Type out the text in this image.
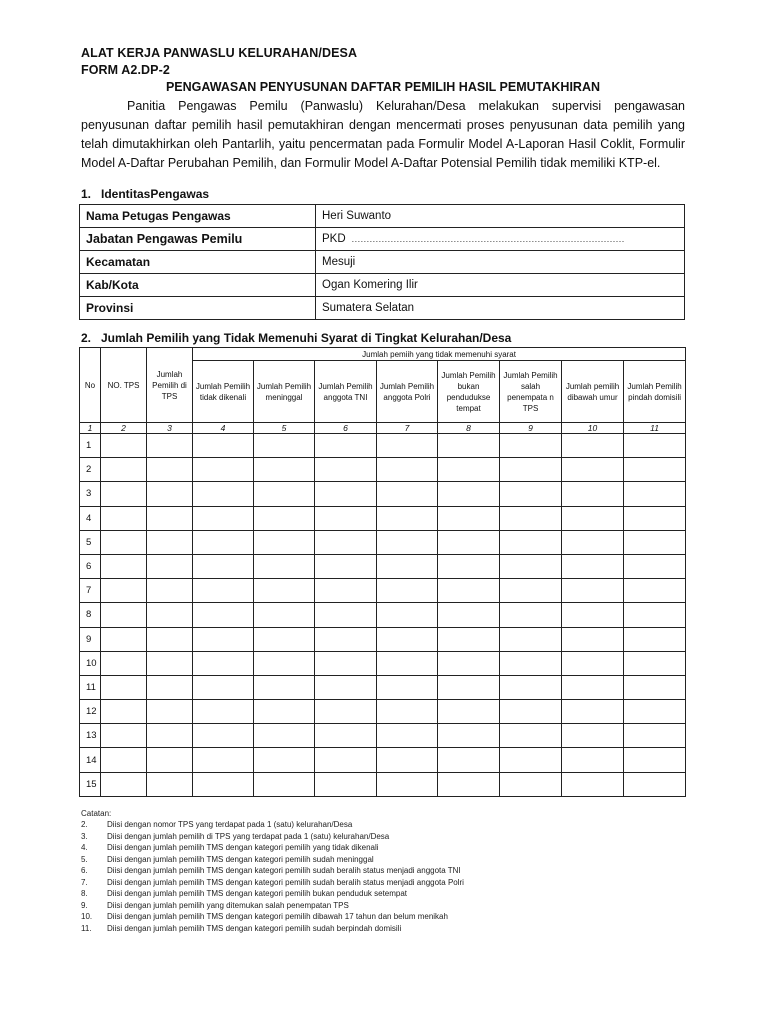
ALAT KERJA PANWASLU KELURAHAN/DESA
FORM A2.DP-2
PENGAWASAN PENYUSUNAN DAFTAR PEMILIH HASIL PEMUTAKHIRAN

Panitia Pengawas Pemilu (Panwaslu) Kelurahan/Desa melakukan supervisi pengawasan penyusunan daftar pemilih hasil pemutakhiran dengan mencermati proses penyusunan data pemilih yang telah dimutakhirkan oleh Pantarlih, yaitu pencermatan pada Formulir Model A-Laporan Hasil Coklit, Formulir Model A-Daftar Perubahan Pemilih, dan Formulir Model A-Daftar Potensial Pemilih tidak memiliki KTP-el.

1. IdentitasPengawas
Nama Petugas Pengawas	Heri Suwanto
Jabatan Pengawas Pemilu	PKD ...........................................................................................
Kecamatan	Mesuji
Kab/Kota	Ogan Komering Ilir
Provinsi	Sumatera Selatan
2. Jumlah Pemilih yang Tidak Memenuhi Syarat di Tingkat Kelurahan/Desa
No	NO. TPS	Jumlah Pemilih di TPS	Jumlah pemiih yang tidak memenuhi syarat							
			Jumlah Pemilih tidak dikenali	Jumlah Pemilih meninggal	Jumlah Pemilih anggota TNI	Jumlah Pemilih anggota Polri	Jumlah Pemilih bukan pendudukse tempat	Jumlah Pemilih salah penempata n TPS	Jumlah pemilih dibawah umur	Jumlah Pemilih pindah domisili
1	2	3	4	5	6	7	8	9	10	11
1										
2										
3										
4										
5										
6										
7										
8										
9										
10										
11										
12										
13										
14										
15										
Catatan:
2. Diisi dengan nomor TPS yang terdapat pada 1 (satu) kelurahan/Desa
3. Diisi dengan jumlah pemilih di TPS yang terdapat pada 1 (satu) kelurahan/Desa
4. Diisi dengan jumlah pemilih TMS dengan kategori pemilih yang tidak dikenali
5. Diisi dengan jumlah pemilih TMS dengan kategori pemilih sudah meninggal
6. Diisi dengan jumlah pemilih TMS dengan kategori pemilih sudah beralih status menjadi anggota TNI
7. Diisi dengan jumlah pemilih TMS dengan kategori pemilih sudah beralih status menjadi anggota Polri
8. Diisi dengan jumlah pemilih TMS dengan kategori pemilih bukan penduduk setempat
9. Diisi dengan jumlah pemilih yang ditemukan salah penempatan TPS
10. Diisi dengan jumlah pemilih TMS dengan kategori pemilih dibawah 17 tahun dan belum menikah
11. Diisi dengan jumlah pemilih TMS dengan kategori pemilih sudah berpindah domisili
